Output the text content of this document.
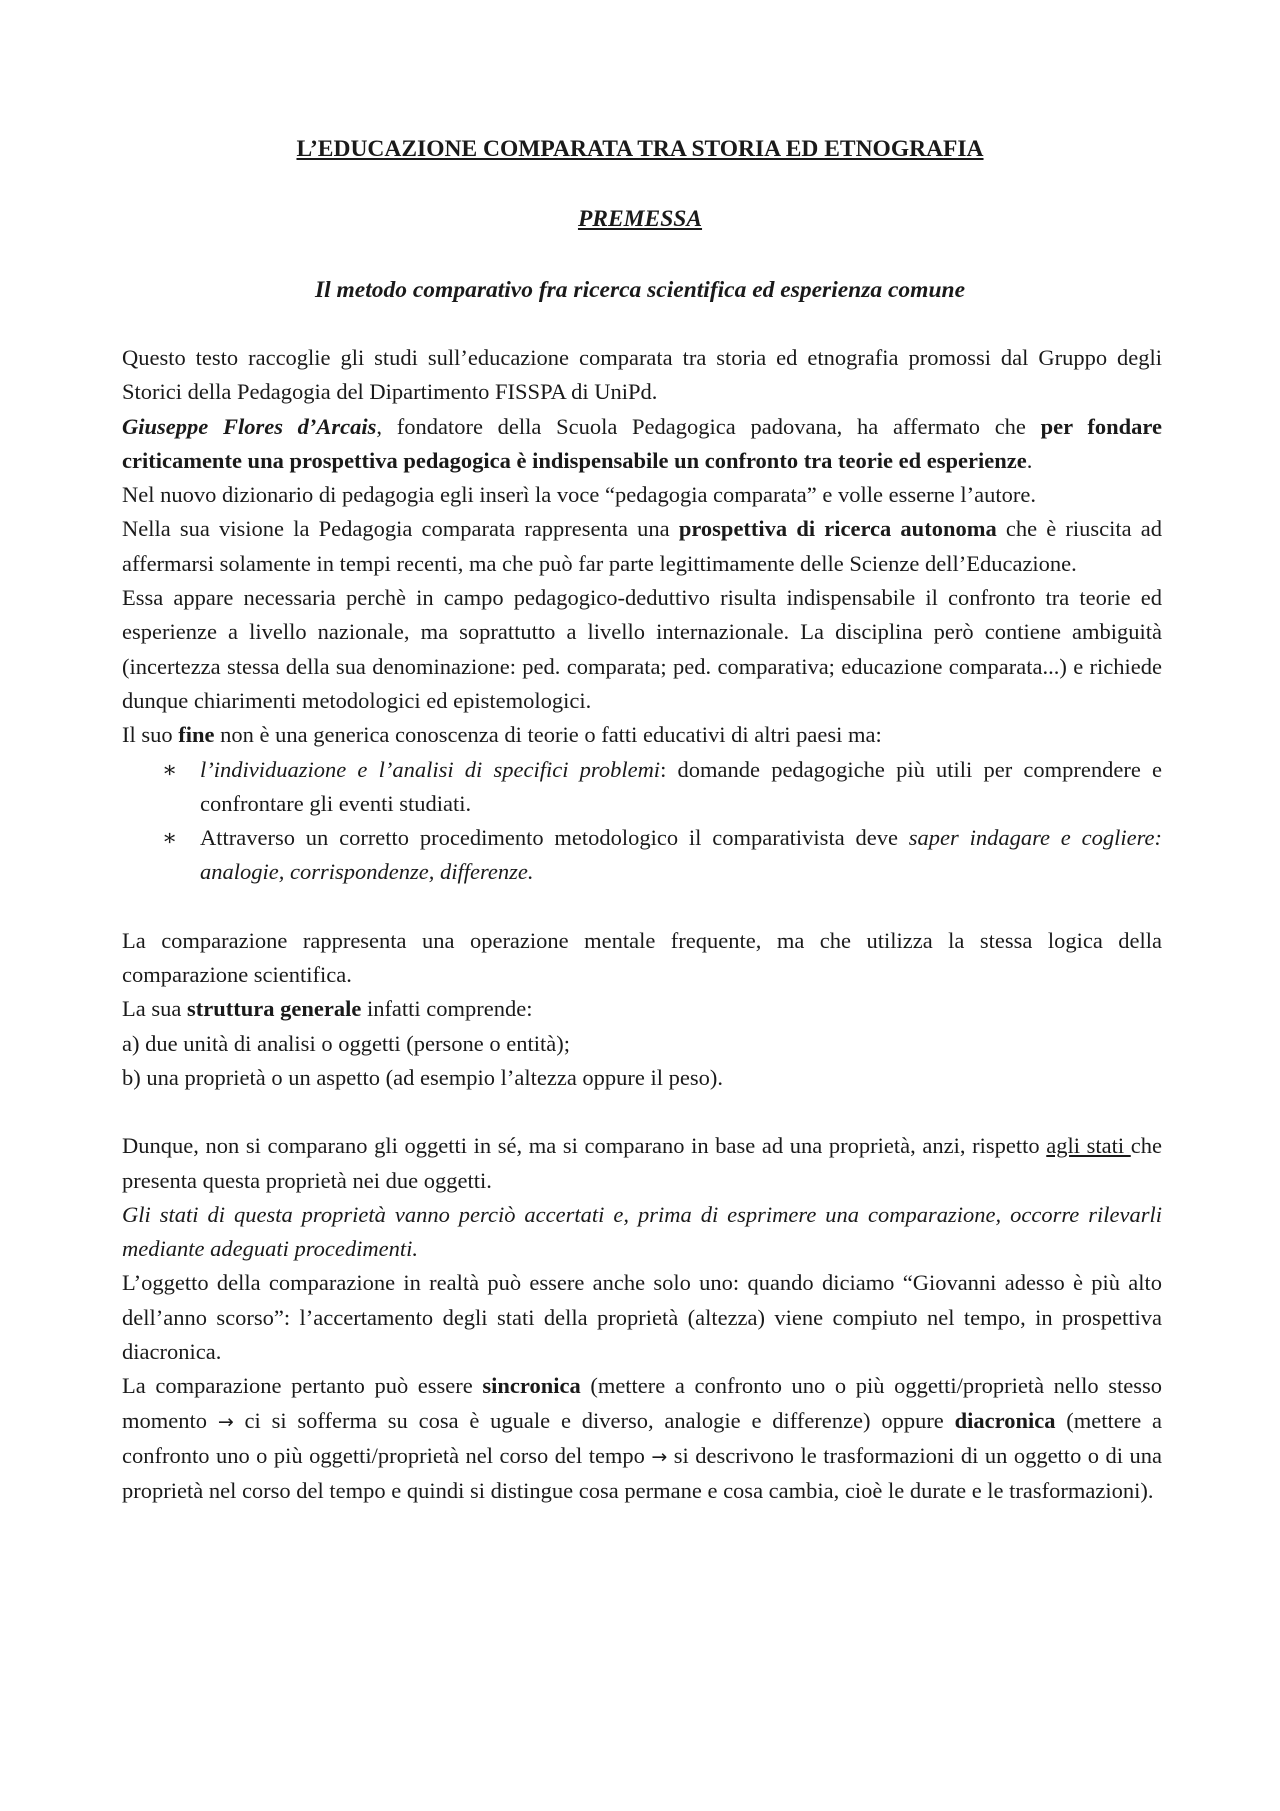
L’EDUCAZIONE COMPARATA TRA STORIA ED ETNOGRAFIA
PREMESSA
Il metodo comparativo fra ricerca scientifica ed esperienza comune

Questo testo raccoglie gli studi sull’educazione comparata tra storia ed etnografia promossi dal Gruppo degli Storici della Pedagogia del Dipartimento FISSPA di UniPd.

Giuseppe Flores d’Arcais, fondatore della Scuola Pedagogica padovana, ha affermato che per fondare criticamente una prospettiva pedagogica è indispensabile un confronto tra teorie ed esperienze.

Nel nuovo dizionario di pedagogia egli inserì la voce “pedagogia comparata” e volle esserne l’autore.

Nella sua visione la Pedagogia comparata rappresenta una prospettiva di ricerca autonoma che è riuscita ad affermarsi solamente in tempi recenti, ma che può far parte legittimamente delle Scienze dell’Educazione.

Essa appare necessaria perchè in campo pedagogico-deduttivo risulta indispensabile il confronto tra teorie ed esperienze a livello nazionale, ma soprattutto a livello internazionale. La disciplina però contiene ambiguità (incertezza stessa della sua denominazione: ped. comparata; ped. comparativa; educazione comparata...) e richiede dunque chiarimenti metodologici ed epistemologici.

Il suo fine non è una generica conoscenza di teorie o fatti educativi di altri paesi ma:

∗ l’individuazione e l’analisi di specifici problemi: domande pedagogiche più utili per comprendere e confrontare gli eventi studiati.
∗ Attraverso un corretto procedimento metodologico il comparativista deve saper indagare e cogliere: analogie, corrispondenze, differenze.

La comparazione rappresenta una operazione mentale frequente, ma che utilizza la stessa logica della comparazione scientifica.

La sua struttura generale infatti comprende:

a) due unità di analisi o oggetti (persone o entità);

b) una proprietà o un aspetto (ad esempio l’altezza oppure il peso).

Dunque, non si comparano gli oggetti in sé, ma si comparano in base ad una proprietà, anzi, rispetto agli stati che presenta questa proprietà nei due oggetti.

Gli stati di questa proprietà vanno perciò accertati e, prima di esprimere una comparazione, occorre rilevarli mediante adeguati procedimenti.

L’oggetto della comparazione in realtà può essere anche solo uno: quando diciamo “Giovanni adesso è più alto dell’anno scorso”: l’accertamento degli stati della proprietà (altezza) viene compiuto nel tempo, in prospettiva diacronica.

La comparazione pertanto può essere sincronica (mettere a confronto uno o più oggetti/proprietà nello stesso momento → ci si sofferma su cosa è uguale e diverso, analogie e differenze) oppure diacronica (mettere a confronto uno o più oggetti/proprietà nel corso del tempo → si descrivono le trasformazioni di un oggetto o di una proprietà nel corso del tempo e quindi si distingue cosa permane e cosa cambia, cioè le durate e le trasformazioni).
